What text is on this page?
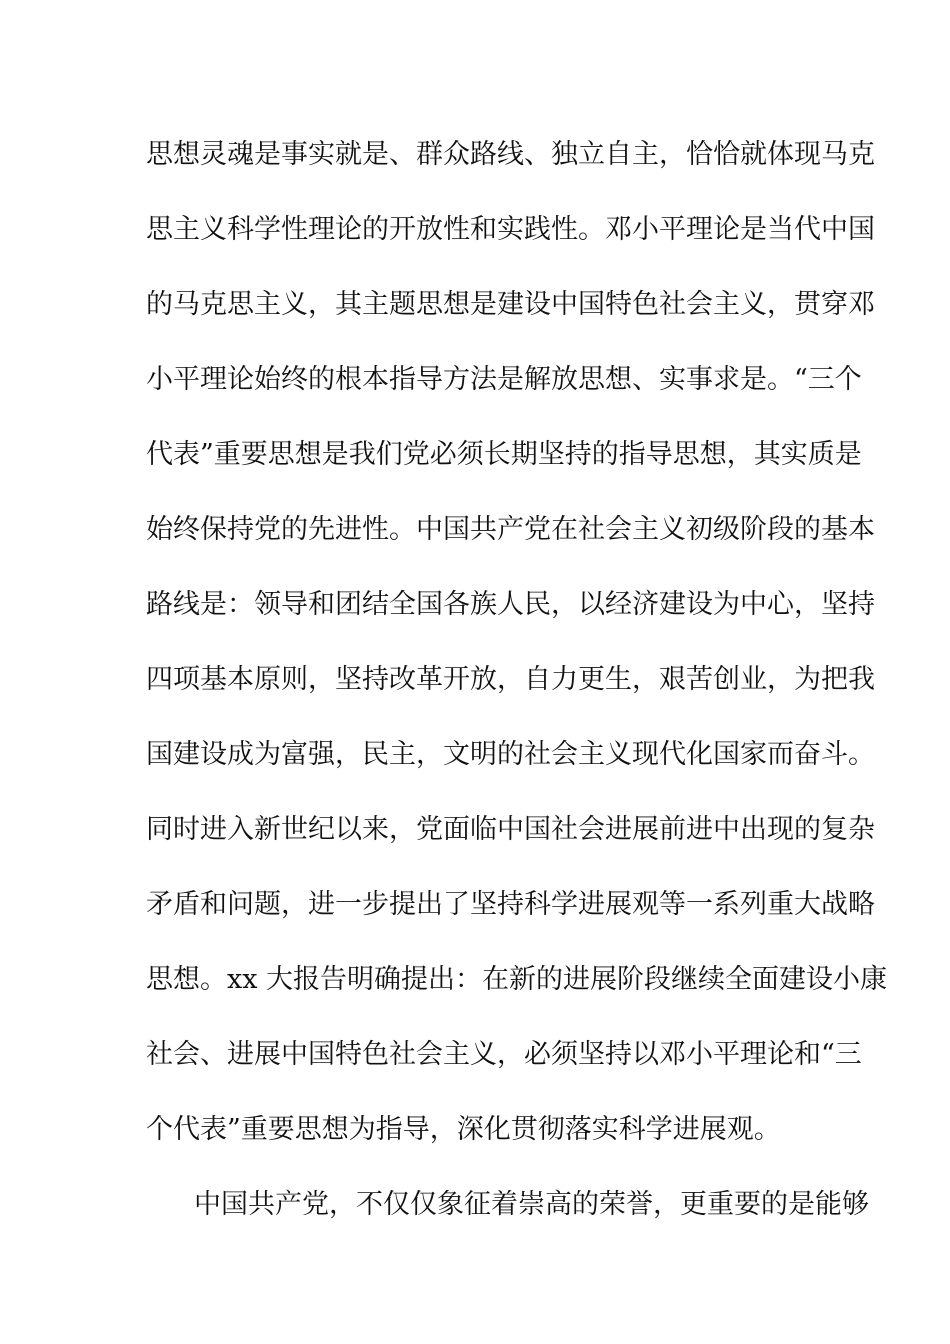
思想灵魂是事实就是、群众路线、独立自主，恰恰就体现马克
思主义科学性理论的开放性和实践性。邓小平理论是当代中国
的马克思主义，其主题思想是建设中国特色社会主义，贯穿邓
小平理论始终的根本指导方法是解放思想、实事求是。“三个
代表”重要思想是我们党必须长期坚持的指导思想，其实质是
始终保持党的先进性。中国共产党在社会主义初级阶段的基本
路线是：领导和团结全国各族人民，以经济建设为中心，坚持
四项基本原则，坚持改革开放，自力更生，艰苦创业，为把我
国建设成为富强，民主，文明的社会主义现代化国家而奋斗。
同时进入新世纪以来，党面临中国社会进展前进中出现的复杂
矛盾和问题，进一步提出了坚持科学进展观等一系列重大战略
思想。xx 大报告明确提出：在新的进展阶段继续全面建设小康
社会、进展中国特色社会主义，必须坚持以邓小平理论和“三
个代表”重要思想为指导，深化贯彻落实科学进展观。
中国共产党，不仅仅象征着崇高的荣誉，更重要的是能够
